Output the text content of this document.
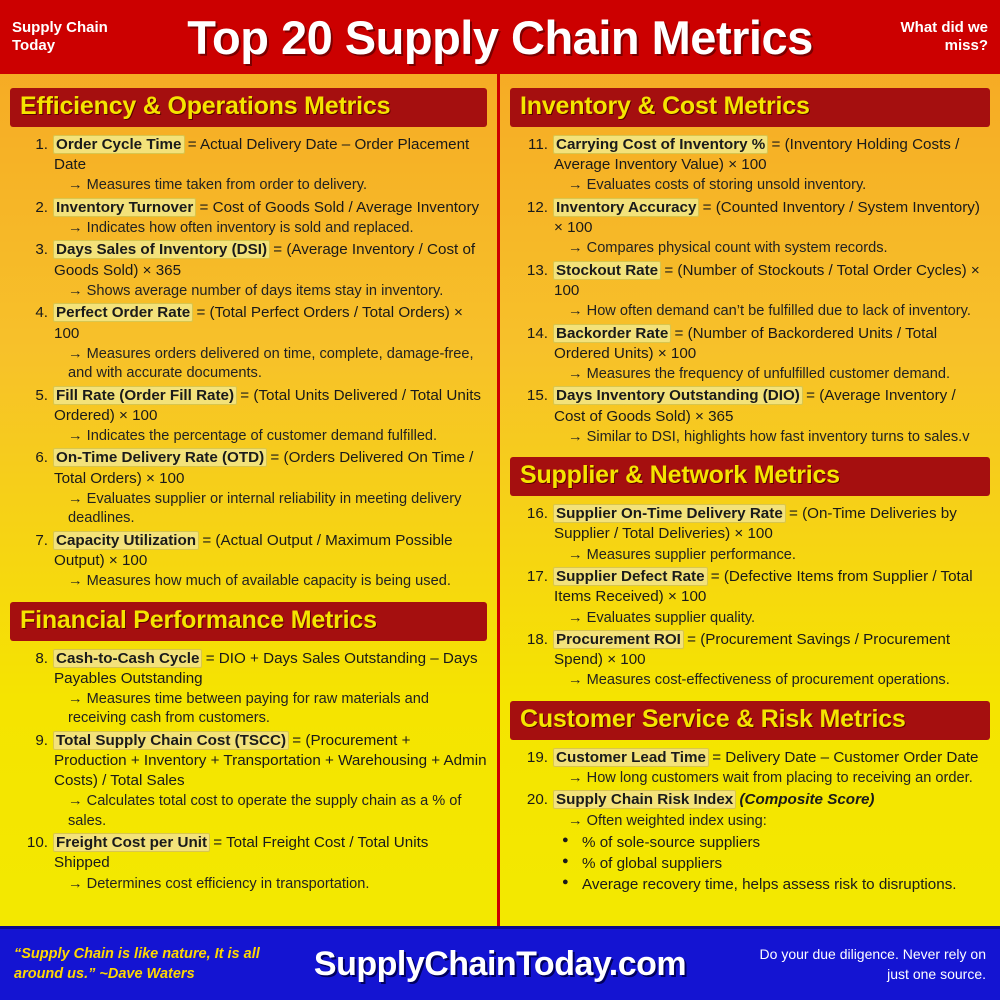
Supply Chain Today	Top 20 Supply Chain Metrics	What did we miss?
Efficiency & Operations Metrics
1. Order Cycle Time = Actual Delivery Date – Order Placement Date
→ Measures time taken from order to delivery.
2. Inventory Turnover = Cost of Goods Sold / Average Inventory
→ Indicates how often inventory is sold and replaced.
3. Days Sales of Inventory (DSI) = (Average Inventory / Cost of Goods Sold) × 365
→ Shows average number of days items stay in inventory.
4. Perfect Order Rate = (Total Perfect Orders / Total Orders) × 100
→ Measures orders delivered on time, complete, damage-free, and with accurate documents.
5. Fill Rate (Order Fill Rate) = (Total Units Delivered / Total Units Ordered) × 100
→ Indicates the percentage of customer demand fulfilled.
6. On-Time Delivery Rate (OTD) = (Orders Delivered On Time / Total Orders) × 100
→ Evaluates supplier or internal reliability in meeting delivery deadlines.
7. Capacity Utilization = (Actual Output / Maximum Possible Output) × 100
→ Measures how much of available capacity is being used.
Financial Performance Metrics
8. Cash-to-Cash Cycle = DIO + Days Sales Outstanding – Days Payables Outstanding
→ Measures time between paying for raw materials and receiving cash from customers.
9. Total Supply Chain Cost (TSCC) = (Procurement + Production + Inventory + Transportation + Warehousing + Admin Costs) / Total Sales
→ Calculates total cost to operate the supply chain as a % of sales.
10. Freight Cost per Unit = Total Freight Cost / Total Units Shipped
→ Determines cost efficiency in transportation.
Inventory & Cost Metrics
11. Carrying Cost of Inventory % = (Inventory Holding Costs / Average Inventory Value) × 100
→ Evaluates costs of storing unsold inventory.
12. Inventory Accuracy = (Counted Inventory / System Inventory) × 100
→ Compares physical count with system records.
13. Stockout Rate = (Number of Stockouts / Total Order Cycles) × 100
→ How often demand can’t be fulfilled due to lack of inventory.
14. Backorder Rate = (Number of Backordered Units / Total Ordered Units) × 100
→ Measures the frequency of unfulfilled customer demand.
15. Days Inventory Outstanding (DIO) = (Average Inventory / Cost of Goods Sold) × 365
→ Similar to DSI, highlights how fast inventory turns to sales.v
Supplier & Network Metrics
16. Supplier On-Time Delivery Rate = (On-Time Deliveries by Supplier / Total Deliveries) × 100
→ Measures supplier performance.
17. Supplier Defect Rate = (Defective Items from Supplier / Total Items Received) × 100
→ Evaluates supplier quality.
18. Procurement ROI = (Procurement Savings / Procurement Spend) × 100
→ Measures cost-effectiveness of procurement operations.
Customer Service & Risk Metrics
19. Customer Lead Time = Delivery Date – Customer Order Date
→ How long customers wait from placing to receiving an order.
20. Supply Chain Risk Index (Composite Score)
→ Often weighted index using:
● % of sole-source suppliers
● % of global suppliers
● Average recovery time, helps assess risk to disruptions.
“Supply Chain is like nature, It is all around us.” ~Dave Waters	SupplyChainToday.com	Do your due diligence. Never rely on just one source.
